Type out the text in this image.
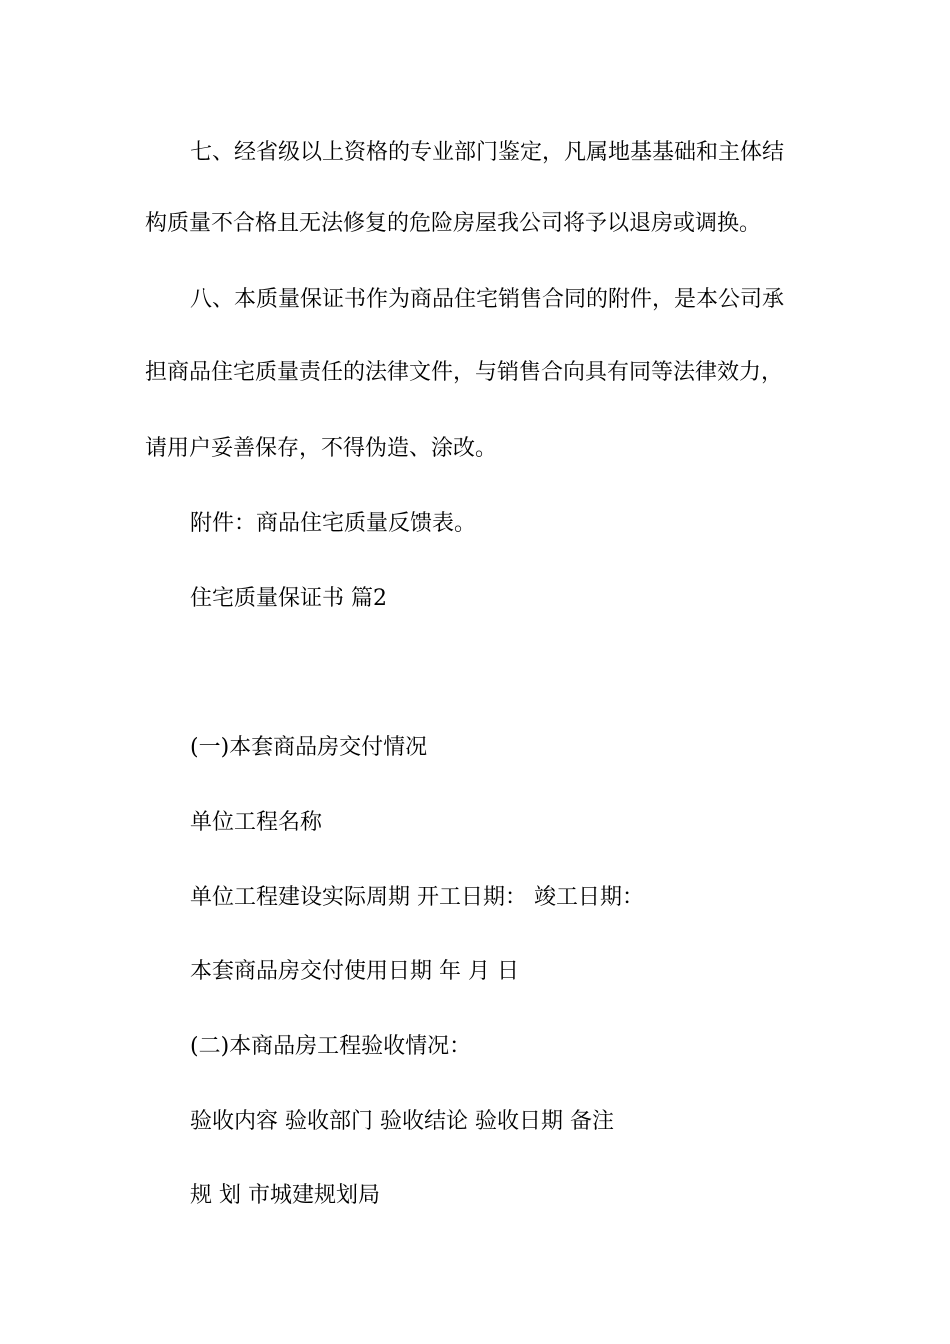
七、经省级以上资格的专业部门鉴定，凡属地基基础和主体结

构质量不合格且无法修复的危险房屋我公司将予以退房或调换。

八、本质量保证书作为商品住宅销售合同的附件，是本公司承

担商品住宅质量责任的法律文件，与销售合向具有同等法律效力，

请用户妥善保存，不得伪造、涂改。

附件：商品住宅质量反馈表。

住宅质量保证书 篇2

(一)本套商品房交付情况

单位工程名称

单位工程建设实际周期 开工日期： 竣工日期：

本套商品房交付使用日期 年 月 日

(二)本商品房工程验收情况：

验收内容 验收部门 验收结论 验收日期 备注

规 划 市城建规划局
